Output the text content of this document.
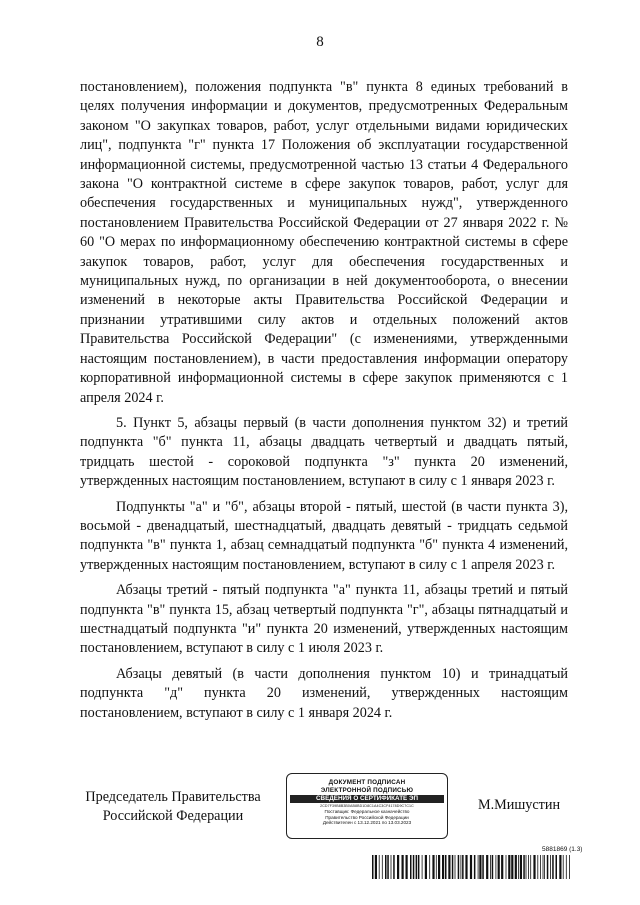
8

постановлением), положения подпункта "в" пункта 8 единых требований в целях получения информации и документов, предусмотренных Федеральным законом "О закупках товаров, работ, услуг отдельными видами юридических лиц", подпункта "г" пункта 17 Положения об эксплуатации государственной информационной системы, предусмотренной частью 13 статьи 4 Федерального закона "О контрактной системе в сфере закупок товаров, работ, услуг для обеспечения государственных и муниципальных нужд", утвержденного постановлением Правительства Российской Федерации от 27 января 2022 г. № 60 "О мерах по информационному обеспечению контрактной системы в сфере закупок товаров, работ, услуг для обеспечения государственных и муниципальных нужд, по организации в ней документооборота, о внесении изменений в некоторые акты Правительства Российской Федерации и признании утратившими силу актов и отдельных положений актов Правительства Российской Федерации" (с изменениями, утвержденными настоящим постановлением), в части предоставления информации оператору корпоративной информационной системы в сфере закупок применяются с 1 апреля 2024 г.

5. Пункт 5, абзацы первый (в части дополнения пунктом 32) и третий подпункта "б" пункта 11, абзацы двадцать четвертый и двадцать пятый, тридцать шестой - сороковой подпункта "з" пункта 20 изменений, утвержденных настоящим постановлением, вступают в силу с 1 января 2023 г.

Подпункты "а" и "б", абзацы второй - пятый, шестой (в части пункта 3), восьмой - двенадцатый, шестнадцатый, двадцать девятый - тридцать седьмой подпункта "в" пункта 1, абзац семнадцатый подпункта "б" пункта 4 изменений, утвержденных настоящим постановлением, вступают в силу с 1 апреля 2023 г.

Абзацы третий - пятый подпункта "а" пункта 11, абзацы третий и пятый подпункта "в" пункта 15, абзац четвертый подпункта "г", абзацы пятнадцатый и шестнадцатый подпункта "и" пункта 20 изменений, утвержденных настоящим постановлением, вступают в силу с 1 июля 2023 г.

Абзацы девятый (в части дополнения пунктом 10) и тринадцатый подпункта "д" пункта 20 изменений, утвержденных настоящим постановлением, вступают в силу с 1 января 2024 г.

Председатель Правительства Российской Федерации
ДОКУМЕНТ ПОДПИСАН
ЭЛЕКТРОННОЙ ПОДПИСЬЮ
СВЕДЕНИЯ О СЕРТИФИКАТЕ ЭП
2CD7F39B8B3B0AB8BD1D8C1A4C3CF4178D9C7C1C
Поставщик: Федеральное казначейство
Правительство Российской Федерации
Действителен с 13.12.2021 по 13.03.2023
М.Мишустин
5881869 (1.3)
